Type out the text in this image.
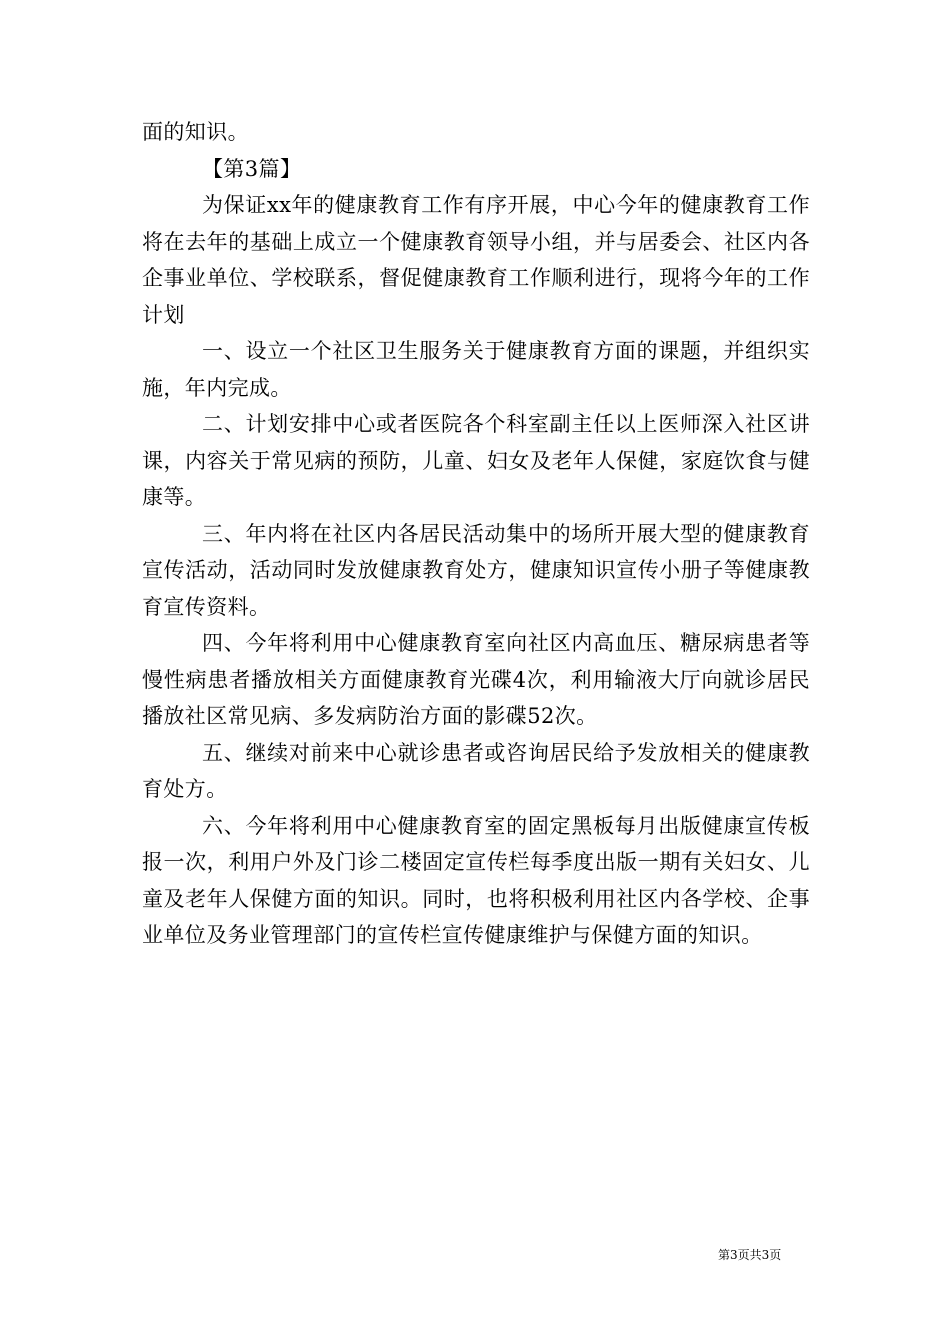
面的知识。

【第3篇】

为保证xx年的健康教育工作有序开展，中心今年的健康教育工作将在去年的基础上成立一个健康教育领导小组，并与居委会、社区内各企事业单位、学校联系，督促健康教育工作顺利进行，现将今年的工作计划

一、设立一个社区卫生服务关于健康教育方面的课题，并组织实施，年内完成。

二、计划安排中心或者医院各个科室副主任以上医师深入社区讲课，内容关于常见病的预防，儿童、妇女及老年人保健，家庭饮食与健康等。

三、年内将在社区内各居民活动集中的场所开展大型的健康教育宣传活动，活动同时发放健康教育处方，健康知识宣传小册子等健康教育宣传资料。

四、今年将利用中心健康教育室向社区内高血压、糖尿病患者等慢性病患者播放相关方面健康教育光碟4次，利用输液大厅向就诊居民播放社区常见病、多发病防治方面的影碟52次。

五、继续对前来中心就诊患者或咨询居民给予发放相关的健康教育处方。

六、今年将利用中心健康教育室的固定黑板每月出版健康宣传板报一次，利用户外及门诊二楼固定宣传栏每季度出版一期有关妇女、儿童及老年人保健方面的知识。同时，也将积极利用社区内各学校、企事业单位及务业管理部门的宣传栏宣传健康维护与保健方面的知识。

第3页共3页
